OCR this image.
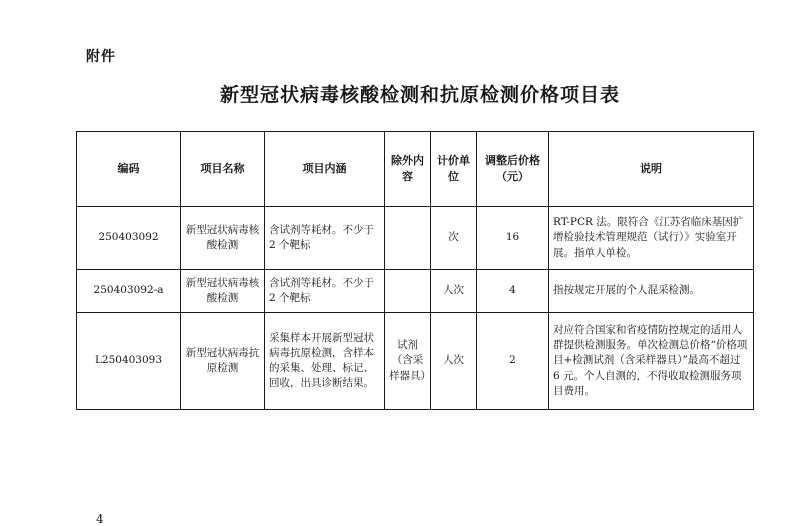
附件
新型冠状病毒核酸检测和抗原检测价格项目表
编码	项目名称	项目内涵	除外内容	计价单位	调整后价格（元）	说明
250403092	新型冠状病毒核酸检测	含试剂等耗材。不少于 2 个靶标		次	16	RT-PCR 法。限符合《江苏省临床基因扩增检验技术管理规范（试行）》实验室开展。指单人单检。
250403092-a	新型冠状病毒核酸检测	含试剂等耗材。不少于 2 个靶标		人次	4	指按规定开展的个人混采检测。
L250403093	新型冠状病毒抗原检测	采集样本开展新型冠状病毒抗原检测，含样本的采集、处理、标记、回收，出具诊断结果。	试剂（含采样器具）	人次	2	对应符合国家和省疫情防控规定的适用人群提供检测服务。单次检测总价格“价格项目+检测试剂（含采样器具）”最高不超过 6 元。个人自测的，不得收取检测服务项目费用。
4
